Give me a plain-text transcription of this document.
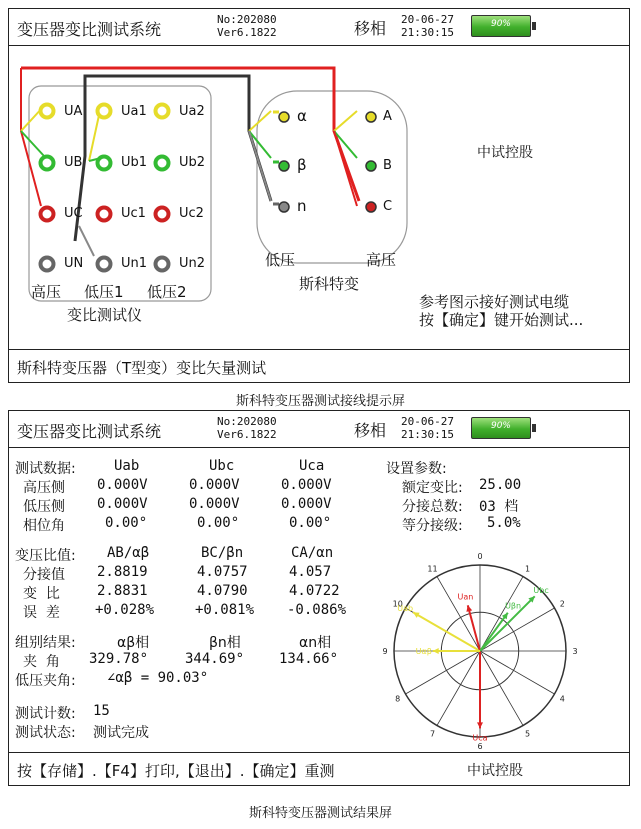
变压器变比测试系统
No:202080
Ver6.1822	移相 20-06-27
21:30:15
90%
UA
UB
UC
UN
Ua1
Ub1
Uc1
Un1
Ua2
Ub2
Uc2
Un2
α
β
n
A
B
C
高压 低压1 低压2
变比测试仪
低压	高压
斯科特变
中试控股
参考图示接好测试电缆
按【确定】键开始测试...
斯科特变压器（T型变）变比矢量测试
斯科特变压器测试接线提示屏
变压器变比测试系统
No:202080
Ver6.1822	移相 20-06-27
21:30:15
90%
测试数据:	Uab	Ubc	Uca
高压侧 0.000V	0.000V	0.000V
低压侧 0.000V	0.000V	0.000V
相位角	0.00°	0.00°	0.00°
变压比值: AB/αβ	BC/βn	CA/αn
分接值 2.8819	4.0757	4.057
变  比	2.8831	4.0790	4.0722
误  差	+0.028%	+0.081% -0.086%
组别结果:	αβ相	βn相	αn相
夹  角 329.78°	344.69° 134.66°
低压夹角: ∠αβ = 90.03°
测试计数: 15
测试状态: 测试完成
设置参数:
额定变比: 25.00
分接总数: 03 档
等分接级: 5.0%
0
1
2
3
4
5
6
7
8
9
10
11
Uab
Ubc
Uca
Uan
Uβn
Uαβ
按【存储】.【F4】打印,【退出】.【确定】重测	中试控股
斯科特变压器测试结果屏
